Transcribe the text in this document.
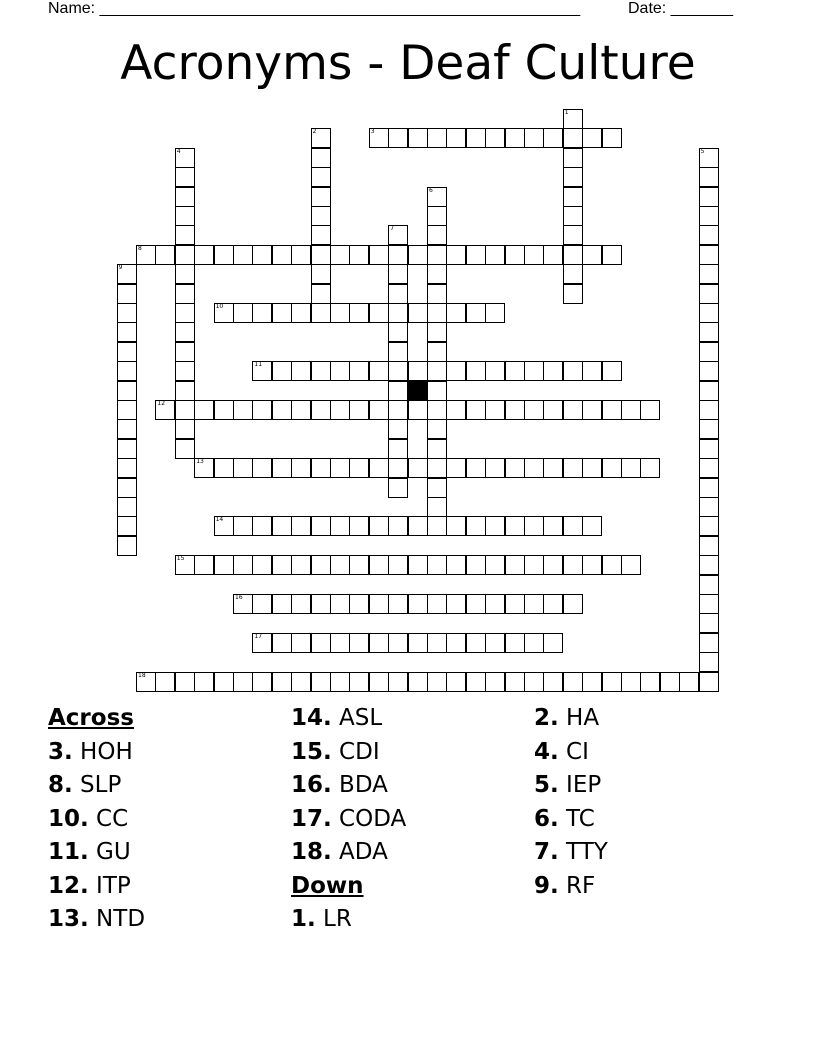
Name: ______________________________________________________	Date: _______
Acronyms - Deaf Culture
1
2	3
4	5
6
7
8
9
10
11
12
13
14
15
16
17
18
Across
3. HOH
8. SLP
10. CC
11. GU
12. ITP
13. NTD
14. ASL
15. CDI
16. BDA
17. CODA
18. ADA
Down
1. LR
2. HA
4. CI
5. IEP
6. TC
7. TTY
9. RF
